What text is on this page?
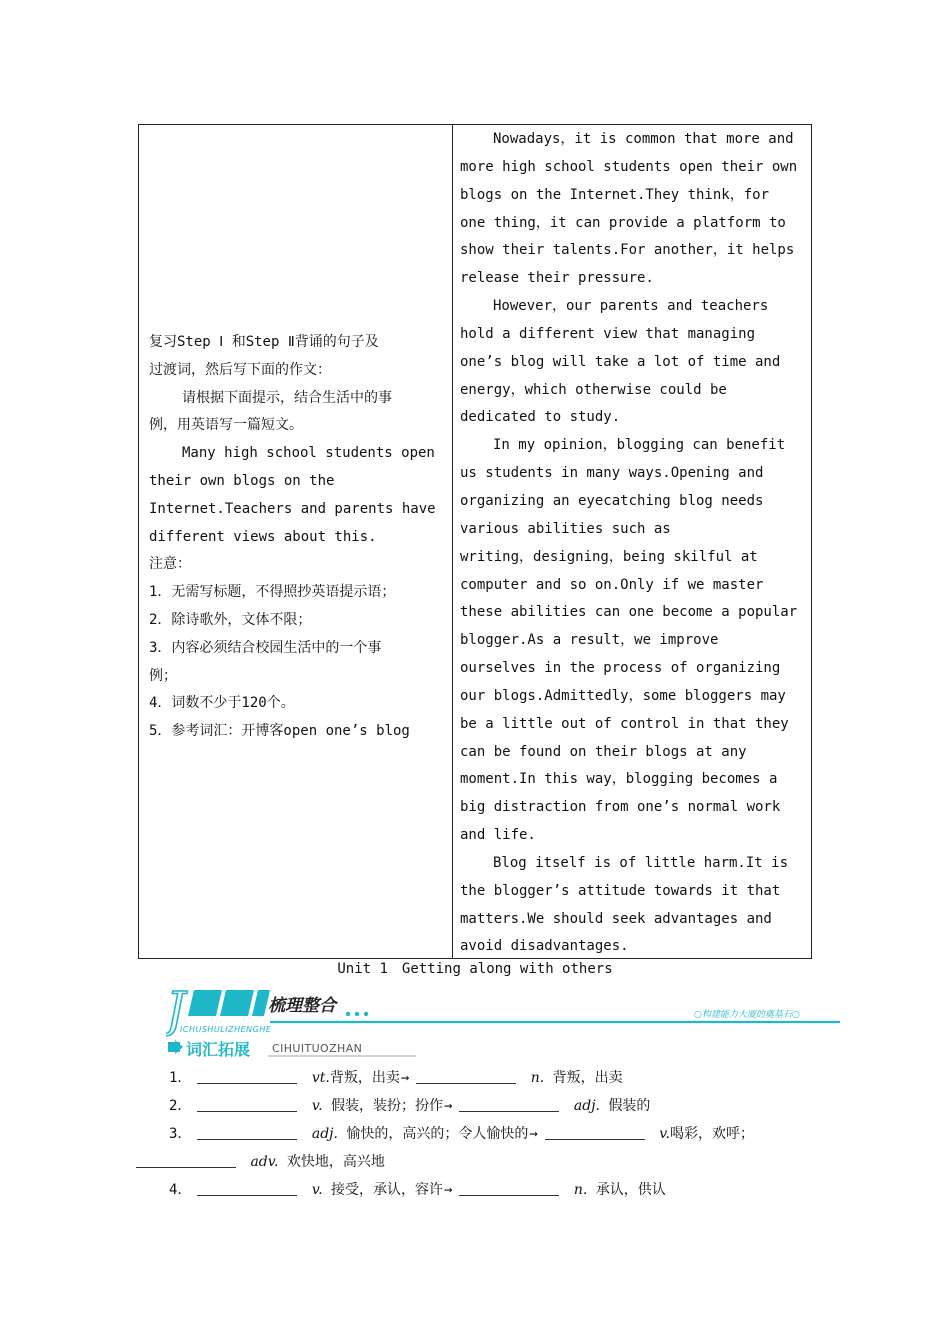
复习Step Ⅰ 和Step Ⅱ背诵的句子及
过渡词，然后写下面的作文：
请根据下面提示，结合生活中的事
例，用英语写一篇短文。
Many high school students open
their own blogs on the
Internet.Teachers and parents have
different views about this.
注意：
1．无需写标题，不得照抄英语提示语；
2．除诗歌外，文体不限；
3．内容必须结合校园生活中的一个事
例；
4．词数不少于120个。
5．参考词汇：开博客open one’s blog
Nowadays，it is common that more and
more high school students open their own
blogs on the Internet.They think，for
one thing，it can provide a platform to
show their talents.For another，it helps
release their pressure.
However，our parents and teachers
hold a different view that managing
one’s blog will take a lot of time and
energy，which otherwise could be
dedicated to study.
In my opinion，blogging can benefit
us students in many ways.Opening and
organizing an eyecatching blog needs
various abilities such as
writing，designing，being skilful at
computer and so on.Only if we master
these abilities can one become a popular
blogger.As a result，we improve
ourselves in the process of organizing
our blogs.Admittedly，some bloggers may
be a little out of control in that they
can be found on their blogs at any
moment.In this way，blogging becomes a
big distraction from one’s normal work
and life.
Blog itself is of little harm.It is
the blogger’s attitude towards it that
matters.We should seek advantages and
avoid disadvantages.
Unit 1　Getting along with others
J	梳理整合
ICHUSHULIZHENGHE
○构建能力大厦的奠基石○
词汇拓展 CIHUITUOZHAN
1．	vt.背叛，出卖→	n. 背叛，出卖
2．	v. 假装，装扮；扮作→	adj. 假装的
3．	adj. 愉快的，高兴的；令人愉快的→	v.喝彩，欢呼；
adv. 欢快地，高兴地
4．	v. 接受，承认，容许→	n. 承认，供认
